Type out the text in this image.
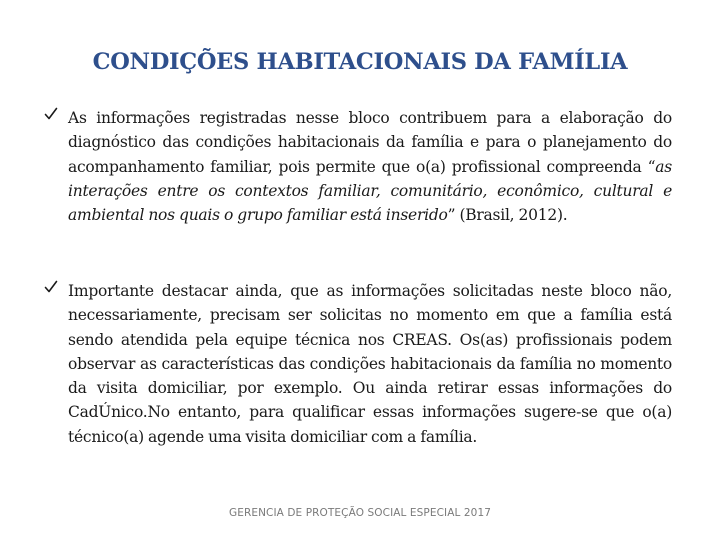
CONDIÇÕES HABITACIONAIS DA FAMÍLIA
As informações registradas nesse bloco contribuem para a elaboração do diagnóstico das condições habitacionais da família e para o planejamento do acompanhamento familiar, pois permite que o(a) profissional compreenda “as interações entre os contextos familiar, comunitário, econômico, cultural e ambiental nos quais o grupo familiar está inserido” (Brasil, 2012).
Importante destacar ainda, que as informações solicitadas neste bloco não, necessariamente, precisam ser solicitas no momento em que a família está sendo atendida pela equipe técnica nos CREAS. Os(as) profissionais podem observar as características das condições habitacionais da família no momento da visita domiciliar, por exemplo. Ou ainda retirar essas informações do CadÚnico.No entanto, para qualificar essas informações sugere-se que o(a) técnico(a) agende uma visita domiciliar com a família.
GERENCIA DE PROTEÇÃO SOCIAL ESPECIAL 2017
